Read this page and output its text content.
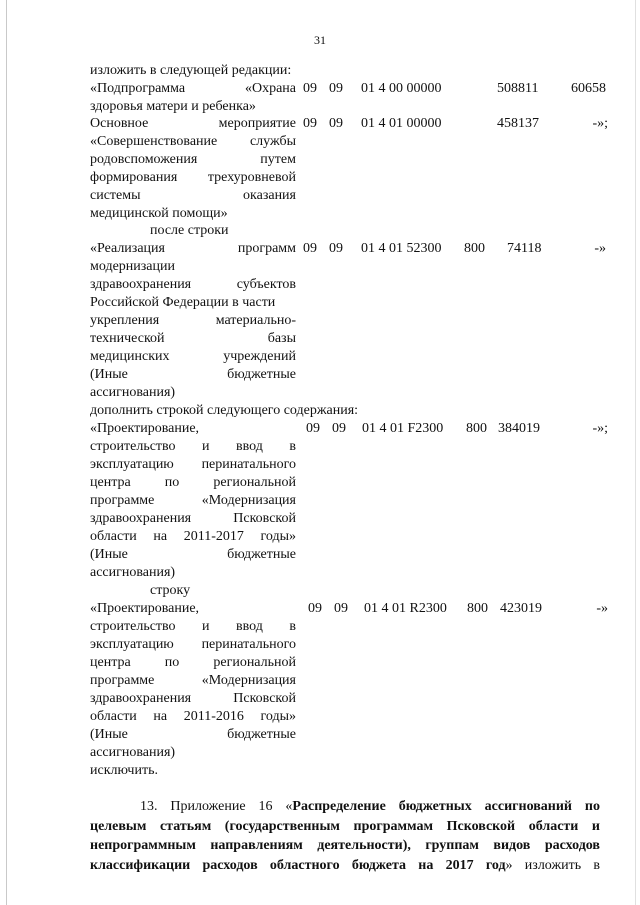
31
изложить в следующей редакции:
«Подпрограмма «Охрана
здоровья матери и ребенка»
09 09 01 4 00 00000	508811	60658
Основное мероприятие
«Совершенствование службы
родовспоможения путем
формирования трехуровневой
системы оказания
медицинской помощи»
09 09 01 4 01 00000	458137	-»;
после строки
«Реализация программ
модернизации
здравоохранения субъектов
Российской Федерации в части
укрепления материально-
технической базы
медицинских учреждений
(Иные бюджетные
ассигнования)
09 09 01 4 01 52300 800 74118	-»
дополнить строкой следующего содержания:
«Проектирование,
строительство и ввод в
эксплуатацию перинатального
центра по региональной
программе «Модернизация
здравоохранения Псковской
области на 2011-2017 годы»
(Иные бюджетные
ассигнования)
09 09 01 4 01 F2300 800 384019	-»;
строку
«Проектирование,
строительство и ввод в
эксплуатацию перинатального
центра по региональной
программе «Модернизация
здравоохранения Псковской
области на 2011-2016 годы»
(Иные бюджетные
ассигнования)
09 09 01 4 01 R2300 800 423019	-»
исключить.
13. Приложение 16 «Распределение бюджетных ассигнований по
целевым статьям (государственным программам Псковской области и
непрограммным направлениям деятельности), группам видов расходов
классификации расходов областного бюджета на 2017 год» изложить в
